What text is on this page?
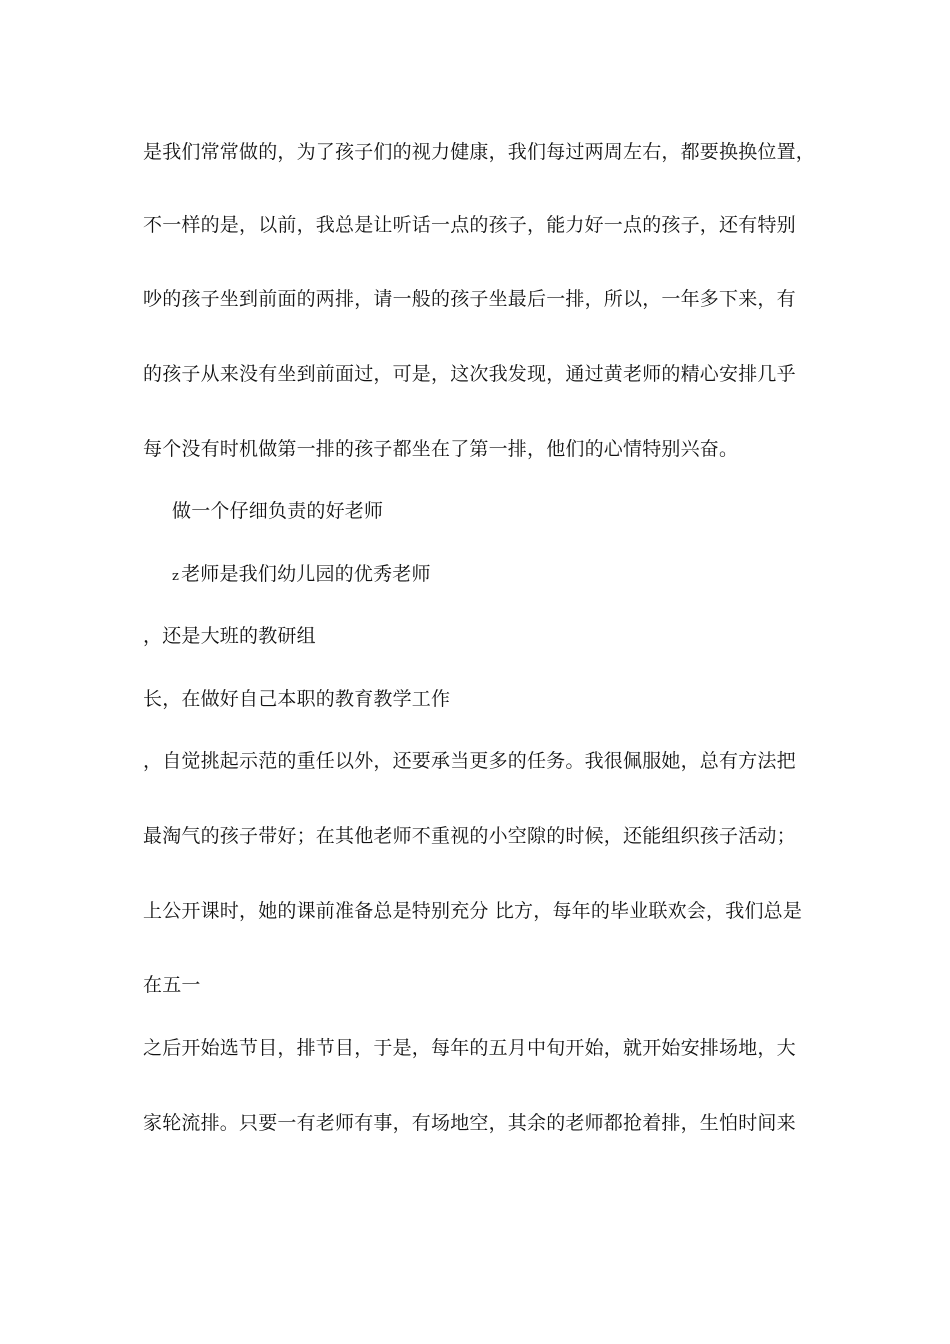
是我们常常做的，为了孩子们的视力健康，我们每过两周左右，都要换换位置，

不一样的是，以前，我总是让听话一点的孩子，能力好一点的孩子，还有特别

吵的孩子坐到前面的两排，请一般的孩子坐最后一排，所以，一年多下来，有

的孩子从来没有坐到前面过，可是，这次我发现，通过黄老师的精心安排几乎

每个没有时机做第一排的孩子都坐在了第一排，他们的心情特别兴奋。

做一个仔细负责的好老师

z 老师是我们幼儿园的优秀老师

，还是大班的教研组

长，在做好自己本职的教育教学工作

，自觉挑起示范的重任以外，还要承当更多的任务。我很佩服她，总有方法把

最淘气的孩子带好；在其他老师不重视的小空隙的时候，还能组织孩子活动；

上公开课时，她的课前准备总是特别充分 比方，每年的毕业联欢会，我们总是

在五一

之后开始选节目，排节目，于是，每年的五月中旬开始，就开始安排场地，大

家轮流排。只要一有老师有事，有场地空，其余的老师都抢着排，生怕时间来
